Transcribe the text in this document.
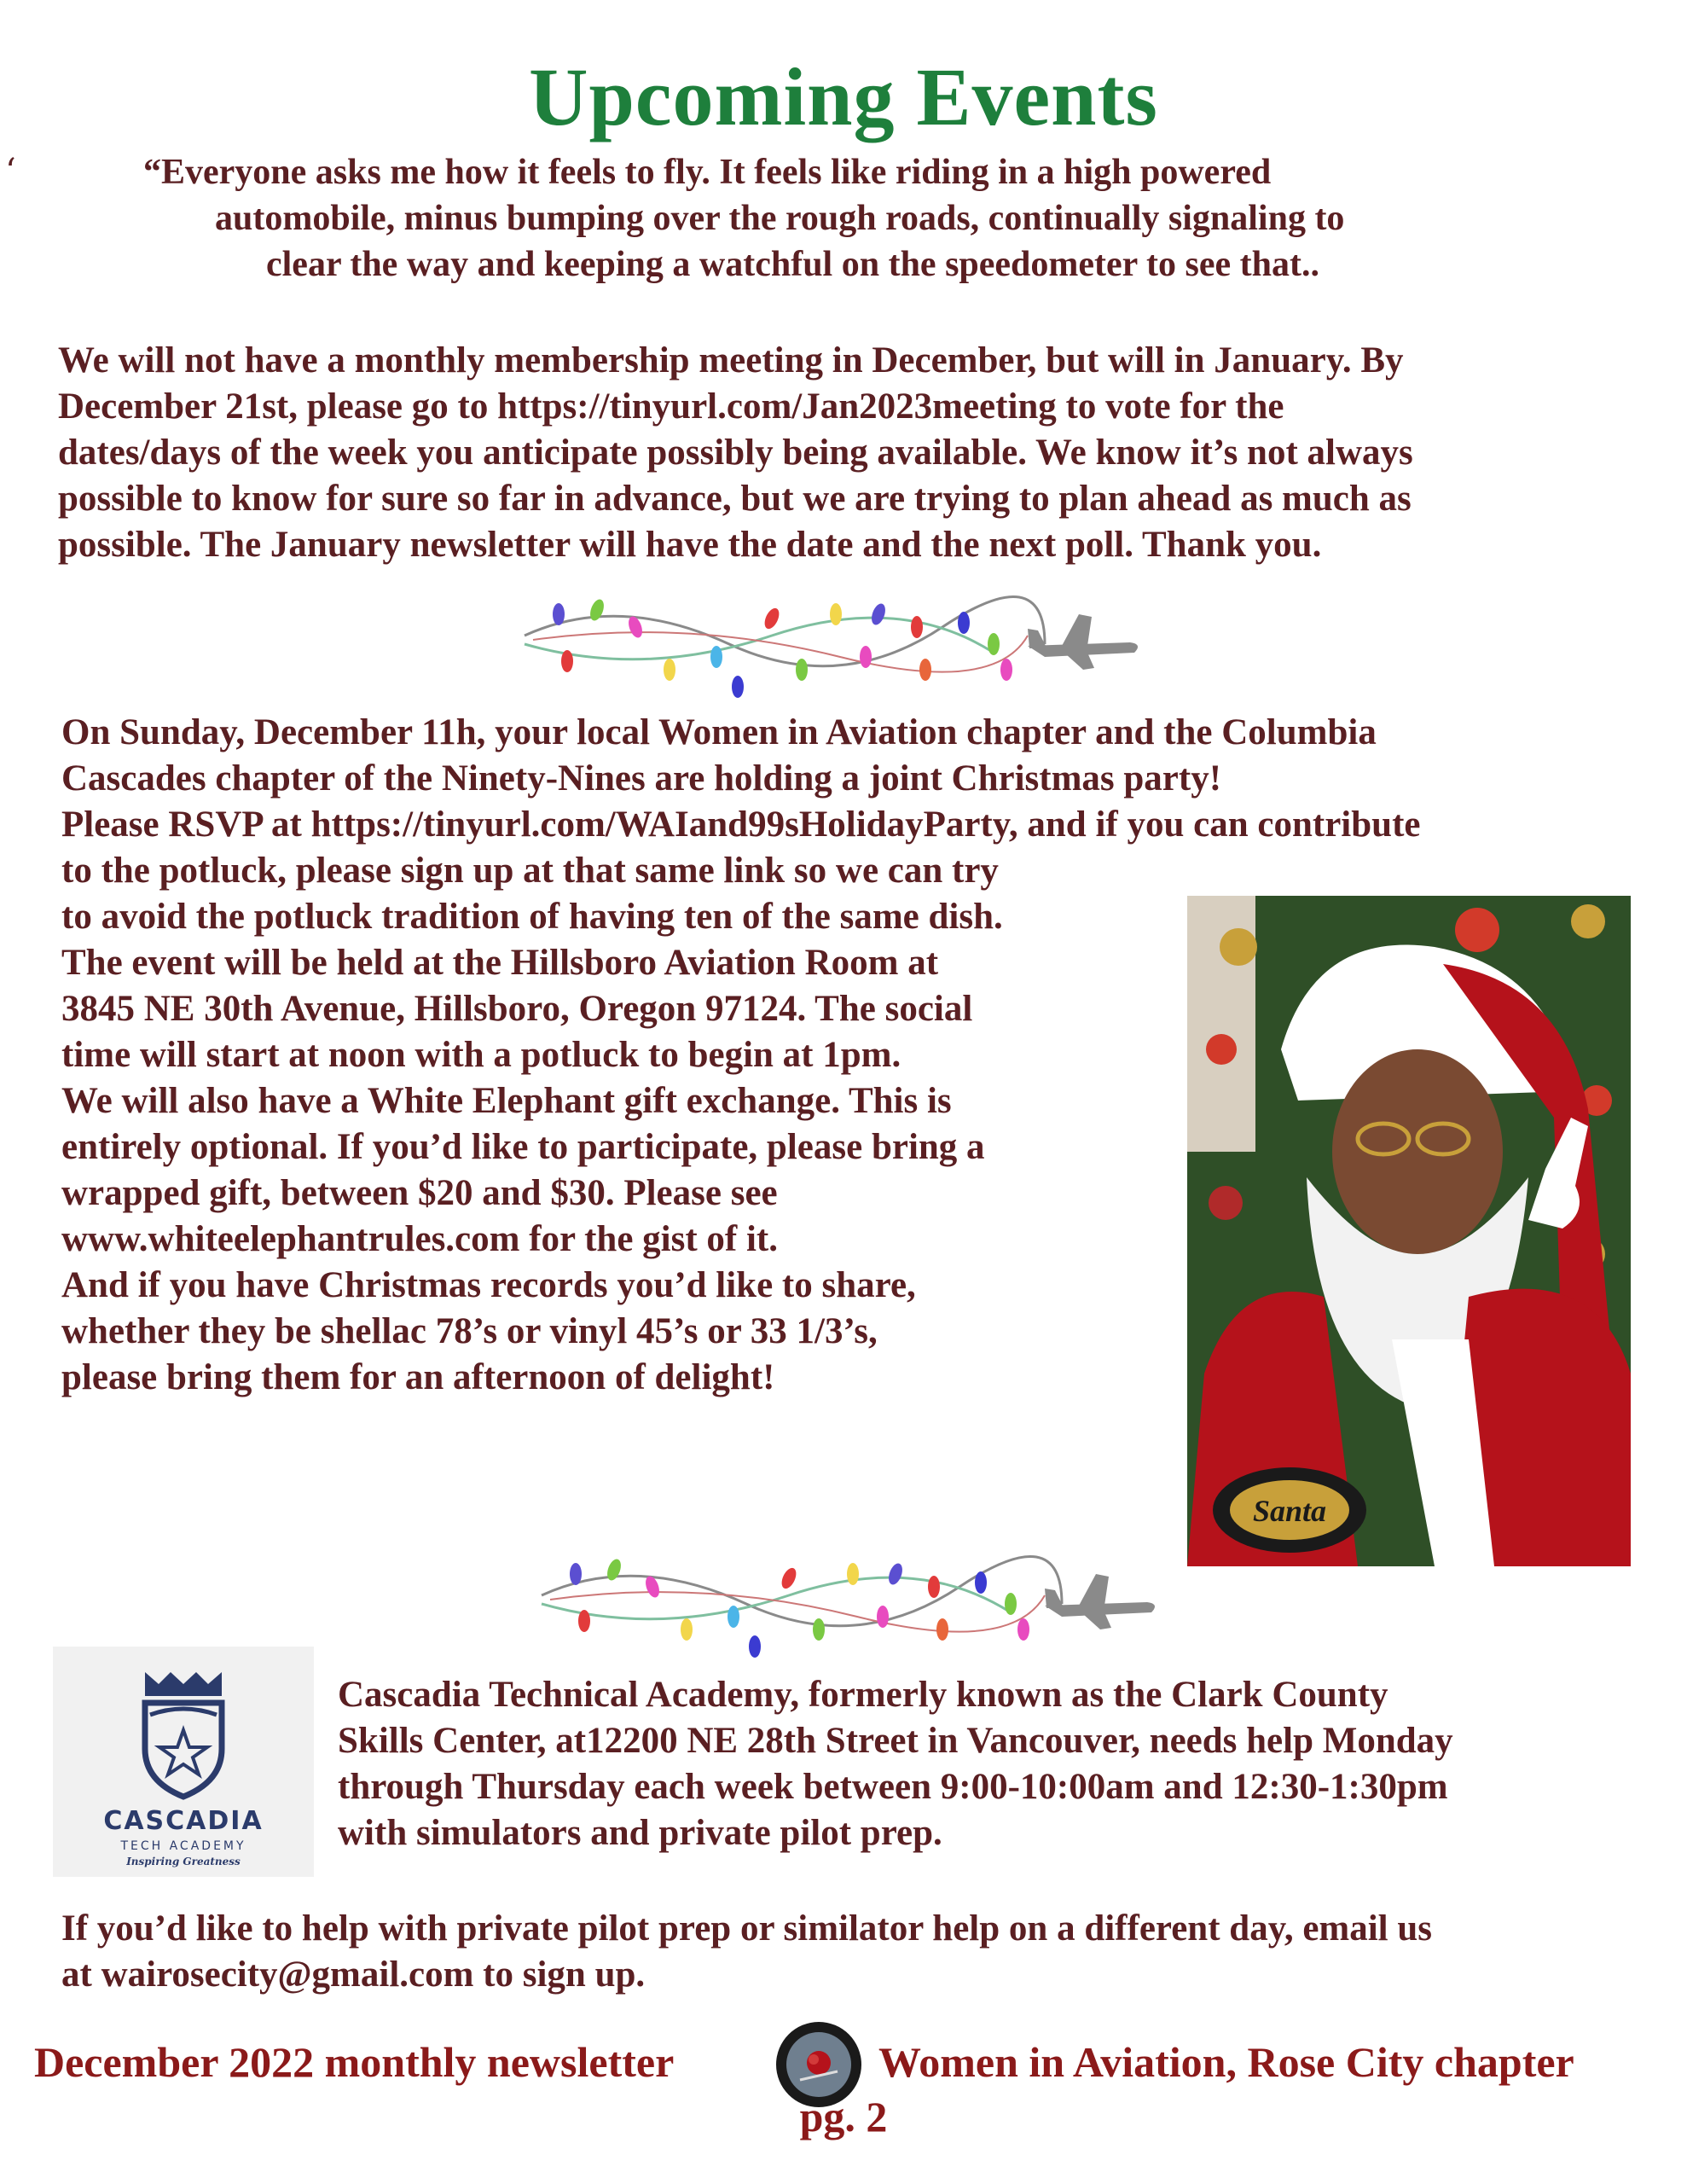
Upcoming Events
‘	“Everyone asks me how it feels to fly. It feels like riding in a high powered
automobile, minus bumping over the rough roads, continually signaling to
clear the way and keeping a watchful on the speedometer to see that..
We will not have a monthly membership meeting in December, but will in January. By
December 21st, please go to https://tinyurl.com/Jan2023meeting to vote for the
dates/days of the week you anticipate possibly being available. We know it’s not always
possible to know for sure so far in advance, but we are trying to plan ahead as much as
possible. The January newsletter will have the date and the next poll. Thank you.
On Sunday, December 11h, your local Women in Aviation chapter and the Columbia
Cascades chapter of the Ninety-Nines are holding a joint Christmas party!
Please RSVP at https://tinyurl.com/WAIand99sHolidayParty, and if you can contribute
to the potluck, please sign up at that same link so we can try
to avoid the potluck tradition of having ten of the same dish.
The event will be held at the Hillsboro Aviation Room at
3845 NE 30th Avenue, Hillsboro, Oregon 97124. The social
time will start at noon with a potluck to begin at 1pm.
We will also have a White Elephant gift exchange. This is
entirely optional. If you’d like to participate, please bring a
wrapped gift, between $20 and $30. Please see
www.whiteelephantrules.com for the gist of it.
And if you have Christmas records you’d like to share,
whether they be shellac 78’s or vinyl 45’s or 33 1/3’s,
please bring them for an afternoon of delight!
Santa
CASCADIA
TECH ACADEMY
Inspiring Greatness
Cascadia Technical Academy, formerly known as the Clark County
Skills Center, at12200 NE 28th Street in Vancouver, needs help Monday
through Thursday each week between 9:00-10:00am and 12:30-1:30pm
with simulators and private pilot prep.
If you’d like to help with private pilot prep or similator help on a different day, email us
at wairosecity@gmail.com to sign up.
December 2022 monthly newsletter	Women in Aviation, Rose City chapter
pg. 2
